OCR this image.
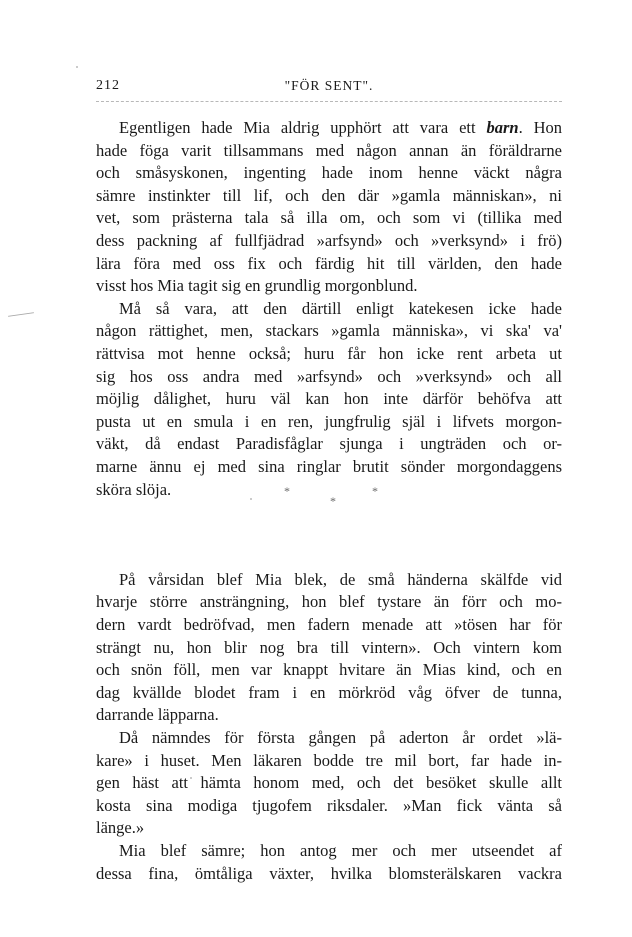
212	"FÖR SENT".
Egentligen hade Mia aldrig upphört att vara ett barn. Hon
hade föga varit tillsammans med någon annan än föräldrarne
och småsyskonen, ingenting hade inom henne väckt några
sämre instinkter till lif, och den där »gamla människan», ni
vet, som prästerna tala så illa om, och som vi (tillika med
dess packning af fullfjädrad »arfsynd» och »verksynd» i frö)
lära föra med oss fix och färdig hit till världen, den hade
visst hos Mia tagit sig en grundlig morgonblund.
Må så vara, att den därtill enligt katekesen icke hade
någon rättighet, men, stackars »gamla människa», vi ska' va'
rättvisa mot henne också; huru får hon icke rent arbeta ut
sig hos oss andra med »arfsynd» och »verksynd» och all
möjlig dålighet, huru väl kan hon inte därför behöfva att
pusta ut en smula i en ren, jungfrulig själ i lifvets morgon-
väkt, då endast Paradisfåglar sjunga i ungträden och or-
marne ännu ej med sina ringlar brutit sönder morgondaggens
sköra slöja.
På vårsidan blef Mia blek, de små händerna skälfde vid
hvarje större ansträngning, hon blef tystare än förr och mo-
dern vardt bedröfvad, men fadern menade att »tösen har för
strängt nu, hon blir nog bra till vintern». Och vintern kom
och snön föll, men var knappt hvitare än Mias kind, och en
dag kvällde blodet fram i en mörkröd våg öfver de tunna,
darrande läpparna.
Då nämndes för första gången på aderton år ordet »lä-
kare» i huset. Men läkaren bodde tre mil bort, far hade in-
gen häst att hämta honom med, och det besöket skulle allt
kosta sina modiga tjugofem riksdaler. »Man fick vänta så
länge.»
Mia blef sämre; hon antog mer och mer utseendet af
dessa fina, ömtåliga växter, hvilka blomsterälskaren vackra
*
*
*
